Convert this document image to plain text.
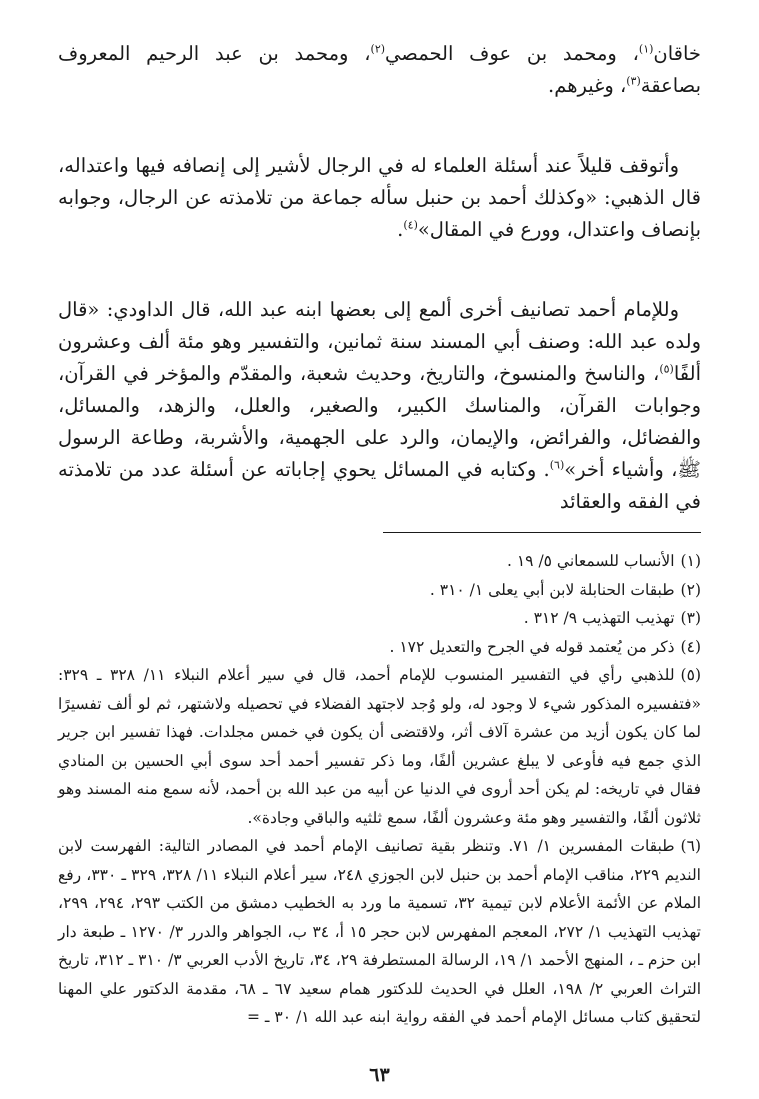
خاقان$^{(١)}$، ومحمد بن عوف الحمصي$^{(٢)}$، ومحمد بن عبد الرحيم المعروف بصاعقة$^{(٣)}$، وغيرهم.

وأتوقف قليلاً عند أسئلة العلماء له في الرجال لأشير إلى إنصافه فيها واعتداله، قال الذهبي: «وكذلك أحمد بن حنبل سأله جماعة من تلامذته عن الرجال، وجوابه بإنصاف واعتدال، وورع في المقال»$^{(٤)}$.

وللإمام أحمد تصانيف أخرى ألمع إلى بعضها ابنه عبد الله، قال الداودي: «قال ولده عبد الله: وصنف أبي المسند سنة ثمانين، والتفسير وهو مئة ألف وعشرون ألفًا$^{(٥)}$، والناسخ والمنسوخ، والتاريخ، وحديث شعبة، والمقدّم والمؤخر في القرآن، وجوابات القرآن، والمناسك الكبير، والصغير، والعلل، والزهد، والمسائل، والفضائل، والفرائض، والإيمان، والرد على الجهمية، والأشربة، وطاعة الرسول ﷺ، وأشياء أخر»$^{(٦)}$. وكتابه في المسائل يحوي إجاباته عن أسئلة عدد من تلامذته في الفقه والعقائد

(١)الأنساب للسمعاني ٥/ ١٩ .

(٢)طبقات الحنابلة لابن أبي يعلى ١/ ٣١٠ .

(٣)تهذيب التهذيب ٩/ ٣١٢ .

(٤)ذكر من يُعتمد قوله في الجرح والتعديل ١٧٢ .

(٥)للذهبي رأي في التفسير المنسوب للإمام أحمد، قال في سير أعلام النبلاء ١١/ ٣٢٨ ـ ٣٢٩: «فتفسيره المذكور شيء لا وجود له، ولو وُجد لاجتهد الفضلاء في تحصيله ولاشتهر، ثم لو ألف تفسيرًا لما كان يكون أزيد من عشرة آلاف أثر، ولاقتضى أن يكون في خمس مجلدات. فهذا تفسير ابن جرير الذي جمع فيه فأوعى لا يبلغ عشرين ألفًا، وما ذكر تفسير أحمد أحد سوى أبي الحسين بن المنادي فقال في تاريخه: لم يكن أحد أروى في الدنيا عن أبيه من عبد الله بن أحمد، لأنه سمع منه المسند وهو ثلاثون ألفًا، والتفسير وهو مئة وعشرون ألفًا، سمع ثلثيه والباقي وجادة».

(٦)طبقات المفسرين ١/ ٧١. وتنظر بقية تصانيف الإمام أحمد في المصادر التالية: الفهرست لابن النديم ٢٢٩، مناقب الإمام أحمد بن حنبل لابن الجوزي ٢٤٨، سير أعلام النبلاء ١١/ ٣٢٨، ٣٢٩ ـ ٣٣٠، رفع الملام عن الأئمة الأعلام لابن تيمية ٣٢، تسمية ما ورد به الخطيب دمشق من الكتب ٢٩٣، ٢٩٤، ٢٩٩، تهذيب التهذيب ١/ ٢٧٢، المعجم المفهرس لابن حجر ١٥ أ، ٣٤ ب، الجواهر والدرر ٣/ ١٢٧٠ ـ طبعة دار ابن حزم ـ ، المنهج الأحمد ١/ ١٩، الرسالة المستطرفة ٢٩، ٣٤، تاريخ الأدب العربي ٣/ ٣١٠ ـ ٣١٢، تاريخ التراث العربي ٢/ ١٩٨، العلل في الحديث للدكتور همام سعيد ٦٧ ـ ٦٨، مقدمة الدكتور علي المهنا لتحقيق كتاب مسائل الإمام أحمد في الفقه رواية ابنه عبد الله ١/ ٣٠ ـ =

٦٣
